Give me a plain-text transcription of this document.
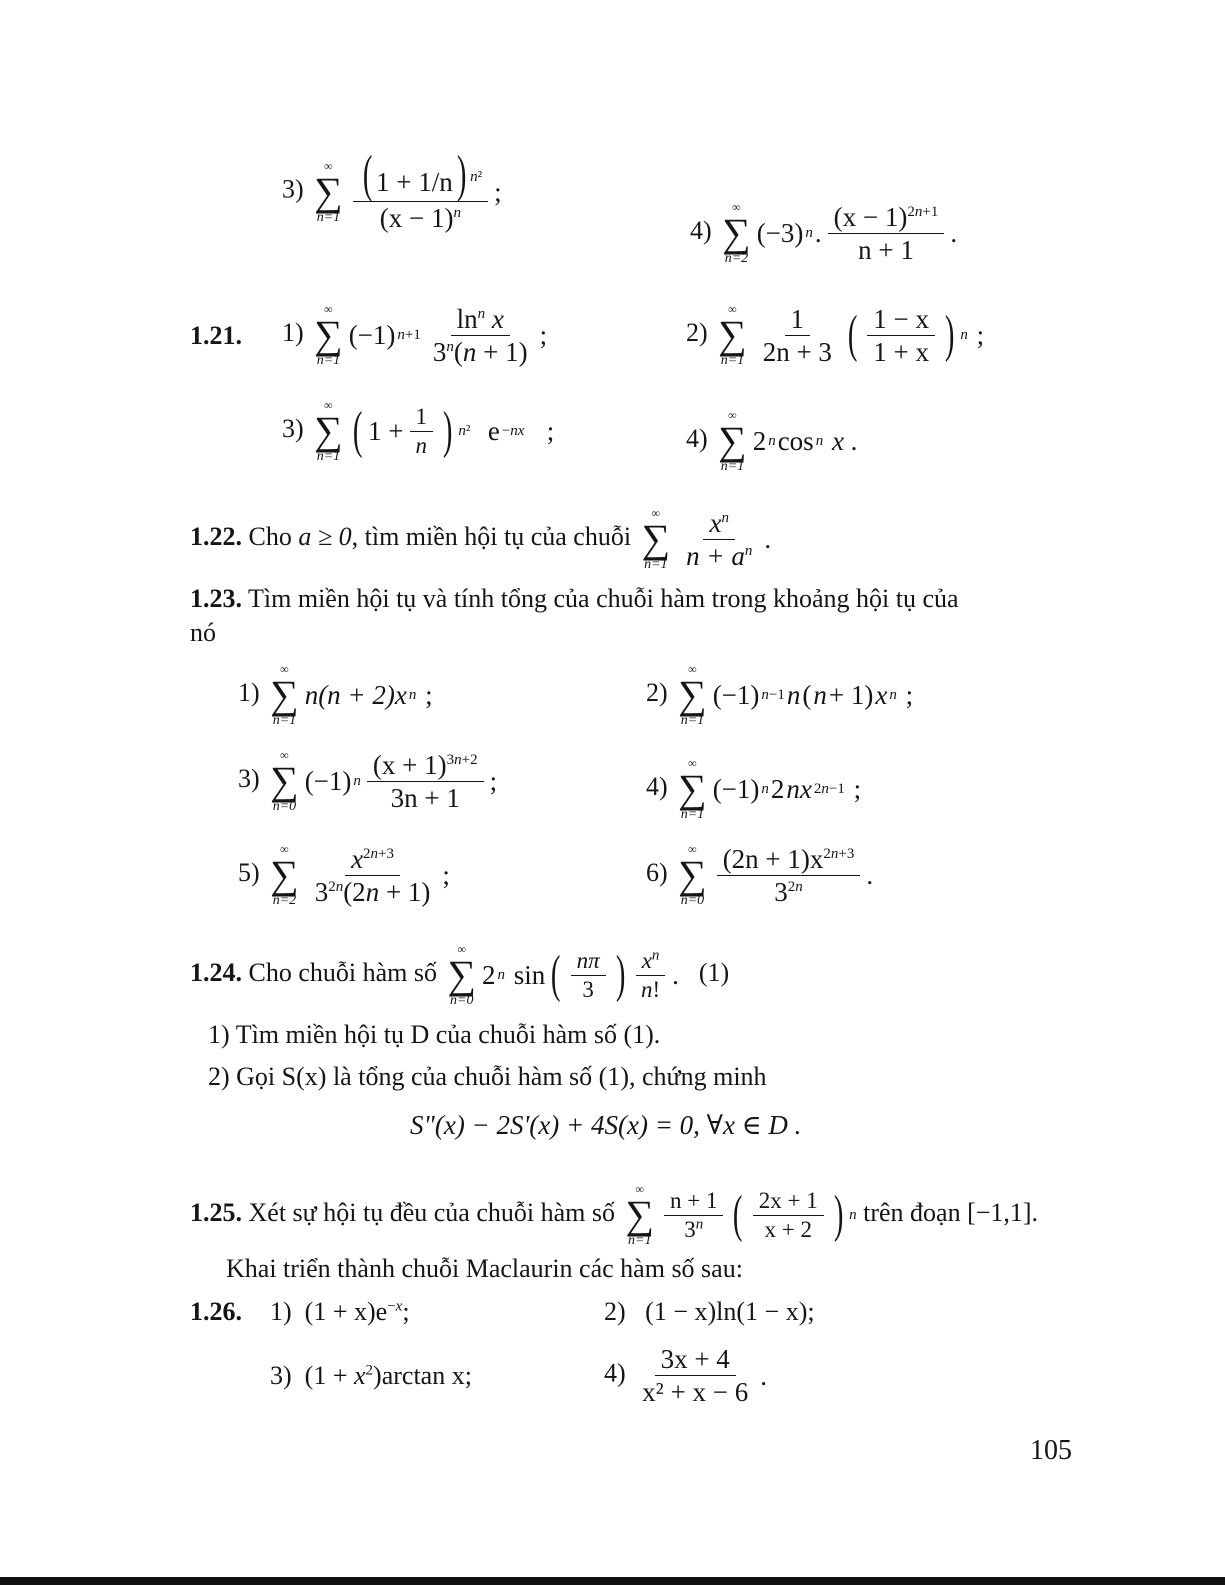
3)
∞
∑
$n=1 \frac{( 1 + 1/n) ^{n^2}}{(x - 1)^n}$ ;
4)
∞
∑
n=2
(−3) n . $\frac{(x - 1)^{2n+1}}{n + 1}$ .
1.21. 1)
∞
∑
n=1
(−1) $n+1 \frac{\ln^n x}{3^n(n + 1)}$ ;	2)
∞
∑
$n=1 \frac{1}{2n + 3}$ ( $\frac{1 - x}{1 + x}$ ) n ;
3)
∞
∑
n=1 ( $1 + \frac{1}{n}$ ) n²
e −nx ;	4)
∞
∑
n=1
2 n cos n x .
1.22. Cho a ≥ 0, tìm miền hội tụ của chuỗi
∞
∑
$n=1 \frac{x^n}{n + a^n}$ .
1.23. Tìm miền hội tụ và tính tổng của chuỗi hàm trong khoảng hội tụ của
nó
1)
∞
∑
n=1
n(n + 2)x n ;	2)
∞
∑
n=1
(−1) n−1 n ( n + 1) x n ;
3)
∞
∑
n=0
(−1) n $\frac{(x + 1)^{3n+2}}{3n + 1}$ ;	4)
∞
∑
n=1
(−1) n 2 nx 2n−1 ;
5)
∞
∑
$n=2 \frac{x^{2n+3}}{3^{2n}(2n + 1)}$ ;	6)
∞
∑
$n=0 \frac{(2n + 1)x^{2n+3}}{3^{2n}}$ .
1.24. Cho chuỗi hàm số
∞
∑
n=0
2 n sin ( $\frac{n\pi}{3}$ ) $\frac{x^n}{n!}$ . (1)
1) Tìm miền hội tụ D của chuỗi hàm số (1).
2) Gọi S(x) là tổng của chuỗi hàm số (1), chứng minh
S"(x) − 2S'(x) + 4S(x) = 0, ∀x ∈ D .
1.25. Xét sự hội tụ đều của chuỗi hàm số
∞
∑
$n=1 \frac{n + 1}{3^n}$ ( $\frac{2x + 1}{x + 2}$ ) n trên đoạn [−1,1].
Khai triển thành chuỗi Maclaurin các hàm số sau:
1.26. 1) $(1 + x)e^{-x}$;	2) (1 − x)ln(1 − x);
3)  $(1 + x^2)\arctan$ x;	$4) \frac{3x + 4}{\text{x² + x − 6}}$ .
105
